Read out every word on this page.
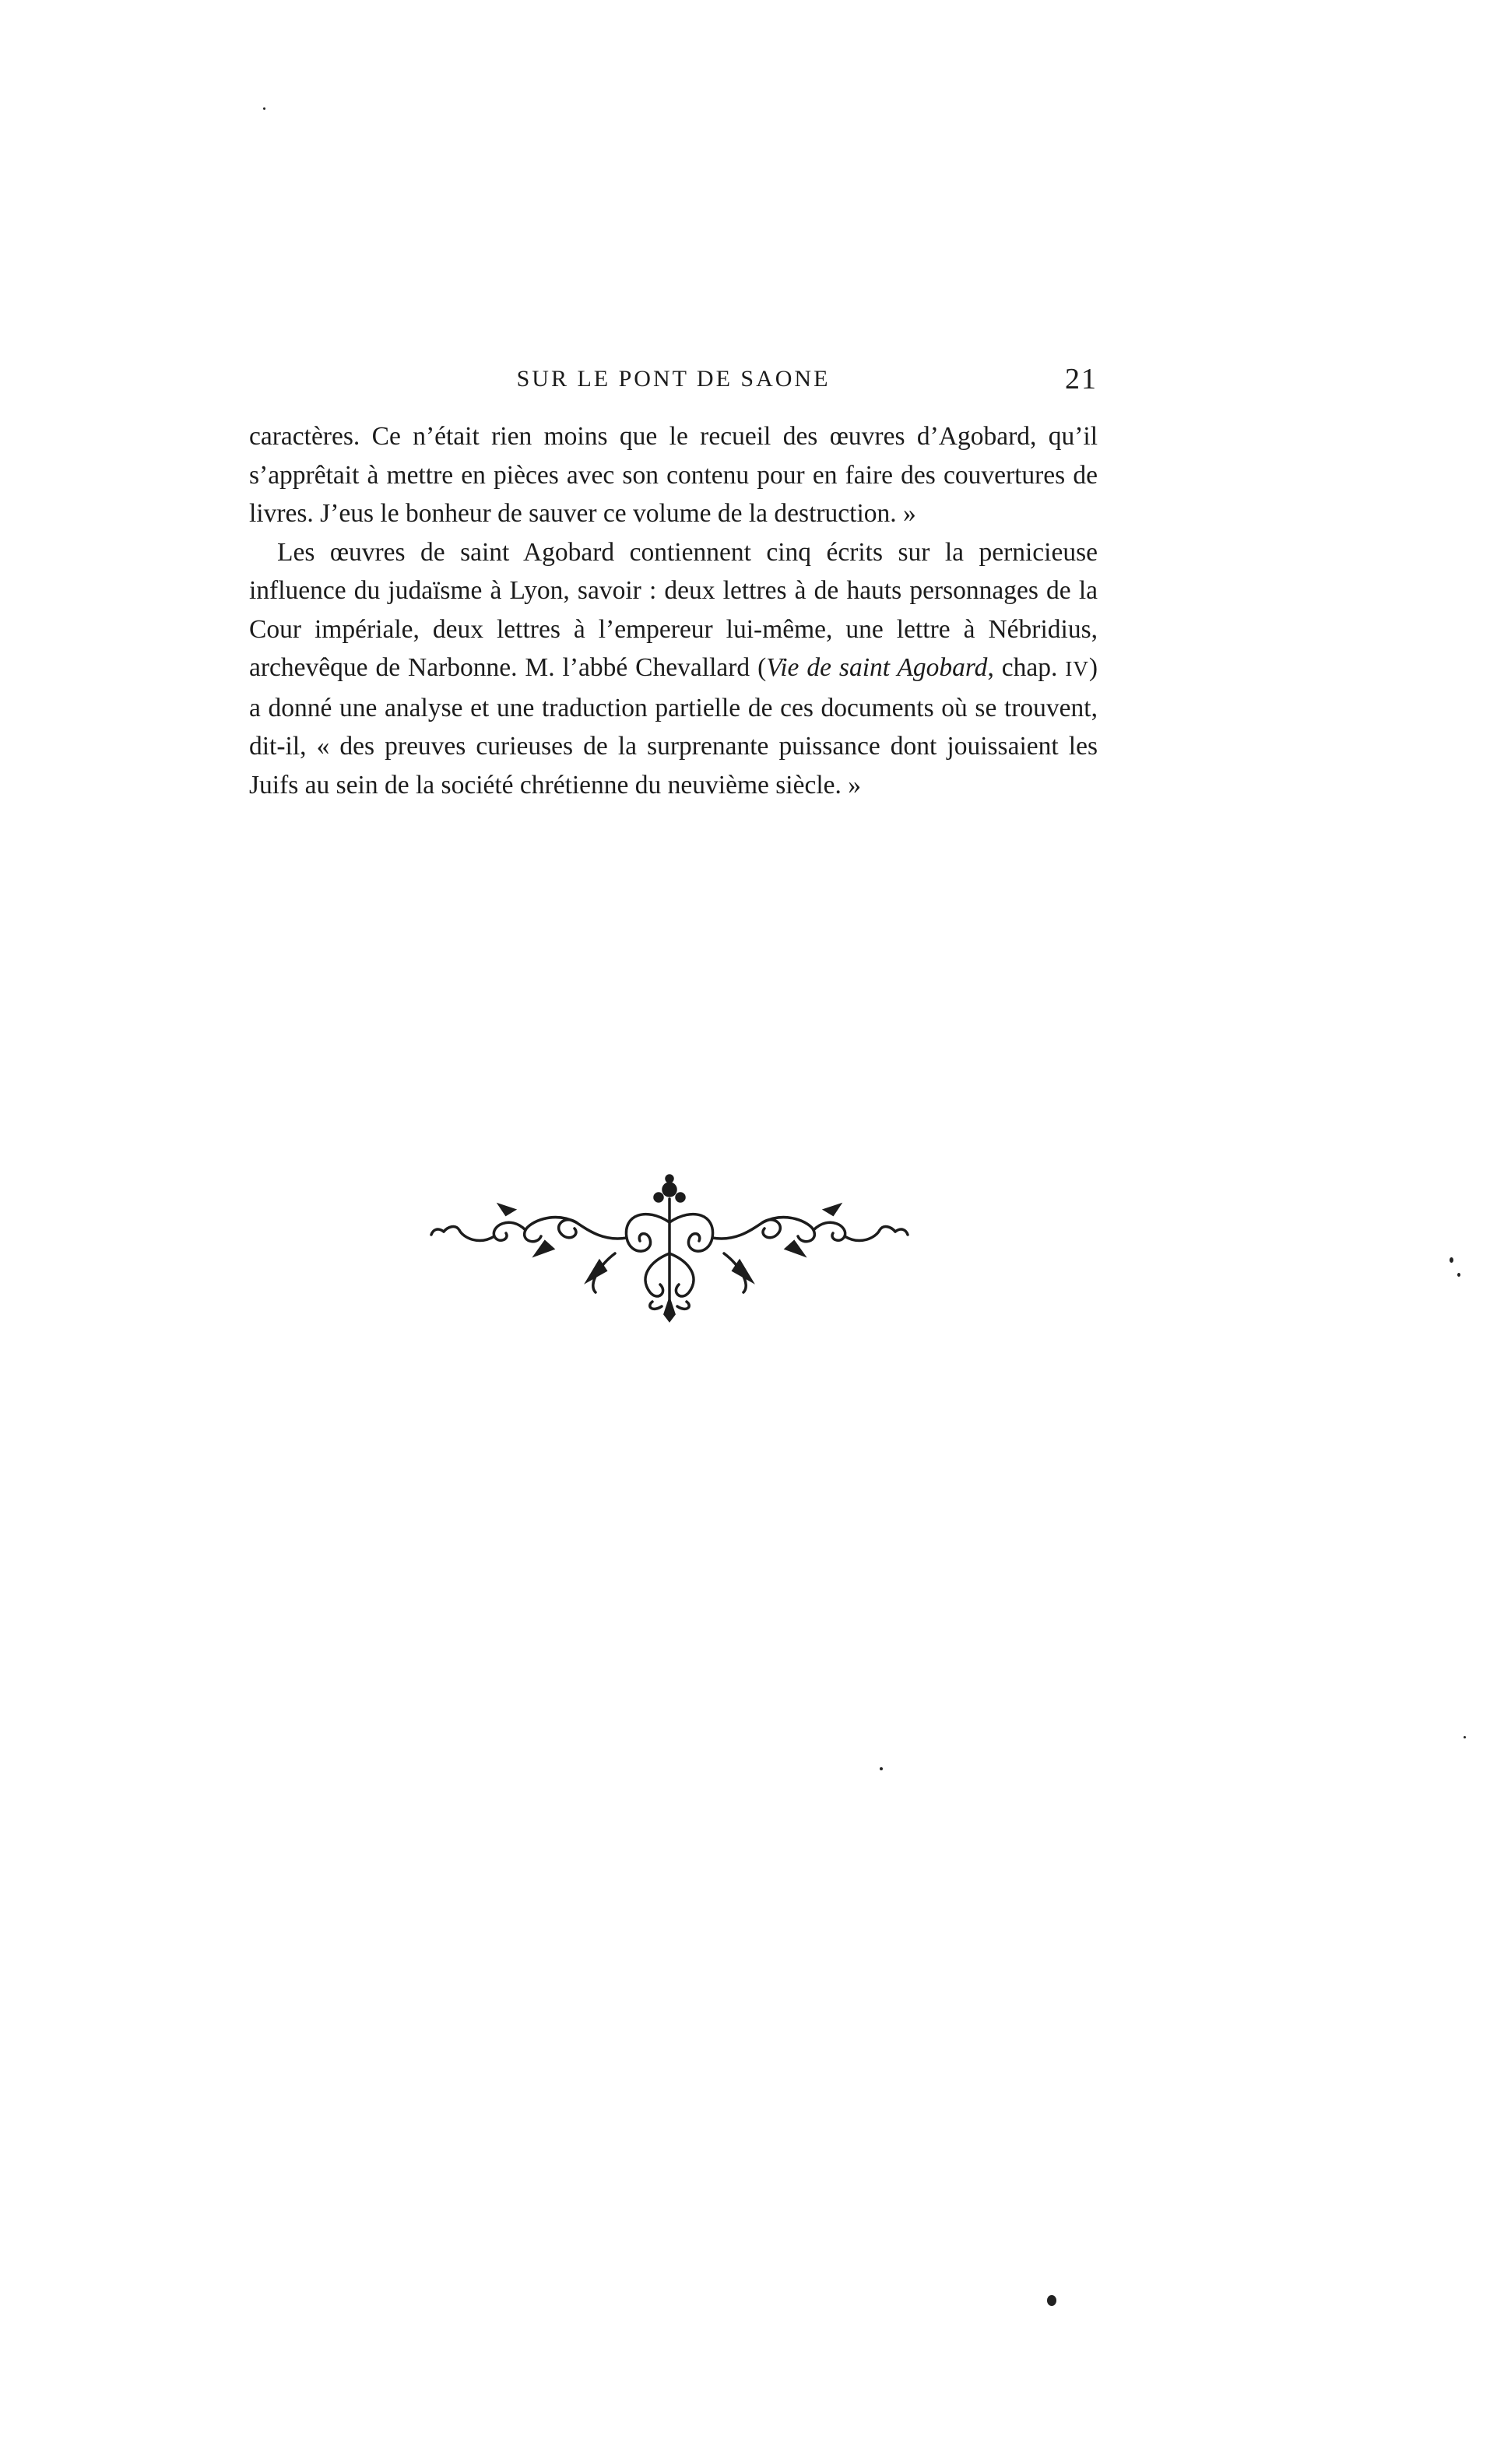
SUR LE PONT DE SAONE	21

caractères. Ce n’était rien moins que le recueil des œuvres d’Agobard, qu’il s’apprêtait à mettre en pièces avec son contenu pour en faire des couvertures de livres. J’eus le bonheur de sauver ce volume de la destruction. »

Les œuvres de saint Agobard contiennent cinq écrits sur la pernicieuse influence du judaïsme à Lyon, savoir : deux lettres à de hauts personnages de la Cour impériale, deux lettres à l’empereur lui-même, une lettre à Nébridius, archevêque de Narbonne. M. l’abbé Chevallard (Vie de saint Agobard, chap. IV) a donné une analyse et une traduction partielle de ces documents où se trouvent, dit-il, « des preuves curieuses de la surprenante puissance dont jouissaient les Juifs au sein de la société chrétienne du neuvième siècle. »
